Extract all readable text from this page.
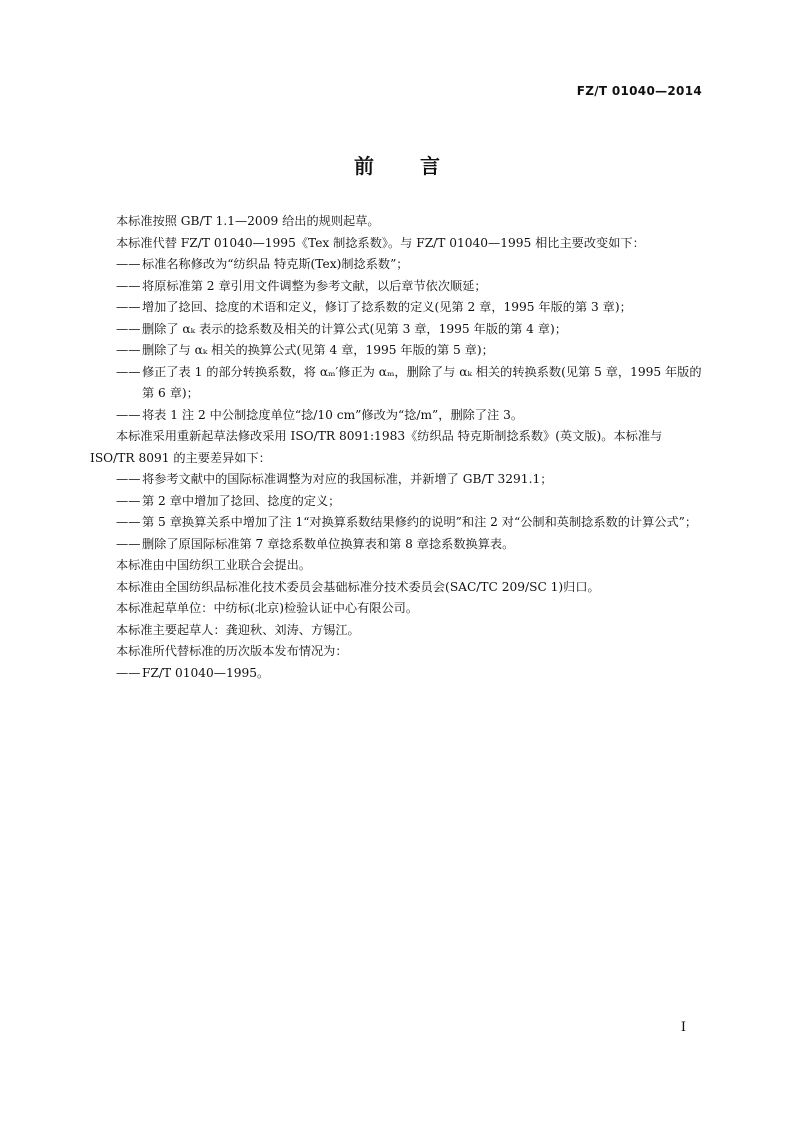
FZ/T 01040—2014
前言

本标准按照 GB/T 1.1—2009 给出的规则起草。

本标准代替 FZ/T 01040—1995《Tex 制捻系数》。与 FZ/T 01040—1995 相比主要改变如下：

—— 标准名称修改为“纺织品 特克斯(Tex)制捻系数”；

—— 将原标准第 2 章引用文件调整为参考文献，以后章节依次顺延；

—— 增加了捻回、捻度的术语和定义，修订了捻系数的定义(见第 2 章，1995 年版的第 3 章)；

—— 删除了 αₖ 表示的捻系数及相关的计算公式(见第 3 章，1995 年版的第 4 章)；

—— 删除了与 αₖ 相关的换算公式(见第 4 章，1995 年版的第 5 章)；

—— 修正了表 1 的部分转换系数，将 αₘ′修正为 αₘ，删除了与 αₖ 相关的转换系数(见第 5 章，1995 年版的第 6 章)；

—— 将表 1 注 2 中公制捻度单位“捻/10 cm”修改为“捻/m”，删除了注 3。

本标准采用重新起草法修改采用 ISO/TR 8091:1983《纺织品 特克斯制捻系数》(英文版)。本标准与 ISO/TR 8091 的主要差异如下：

—— 将参考文献中的国际标准调整为对应的我国标准，并新增了 GB/T 3291.1；

—— 第 2 章中增加了捻回、捻度的定义；

—— 第 5 章换算关系中增加了注 1“对换算系数结果修约的说明”和注 2 对“公制和英制捻系数的计算公式”；

—— 删除了原国际标准第 7 章捻系数单位换算表和第 8 章捻系数换算表。

本标准由中国纺织工业联合会提出。

本标准由全国纺织品标准化技术委员会基础标准分技术委员会(SAC/TC 209/SC 1)归口。

本标准起草单位：中纺标(北京)检验认证中心有限公司。

本标准主要起草人：龚迎秋、刘涛、方锡江。

本标准所代替标准的历次版本发布情况为：

—— FZ/T 01040—1995。

I
